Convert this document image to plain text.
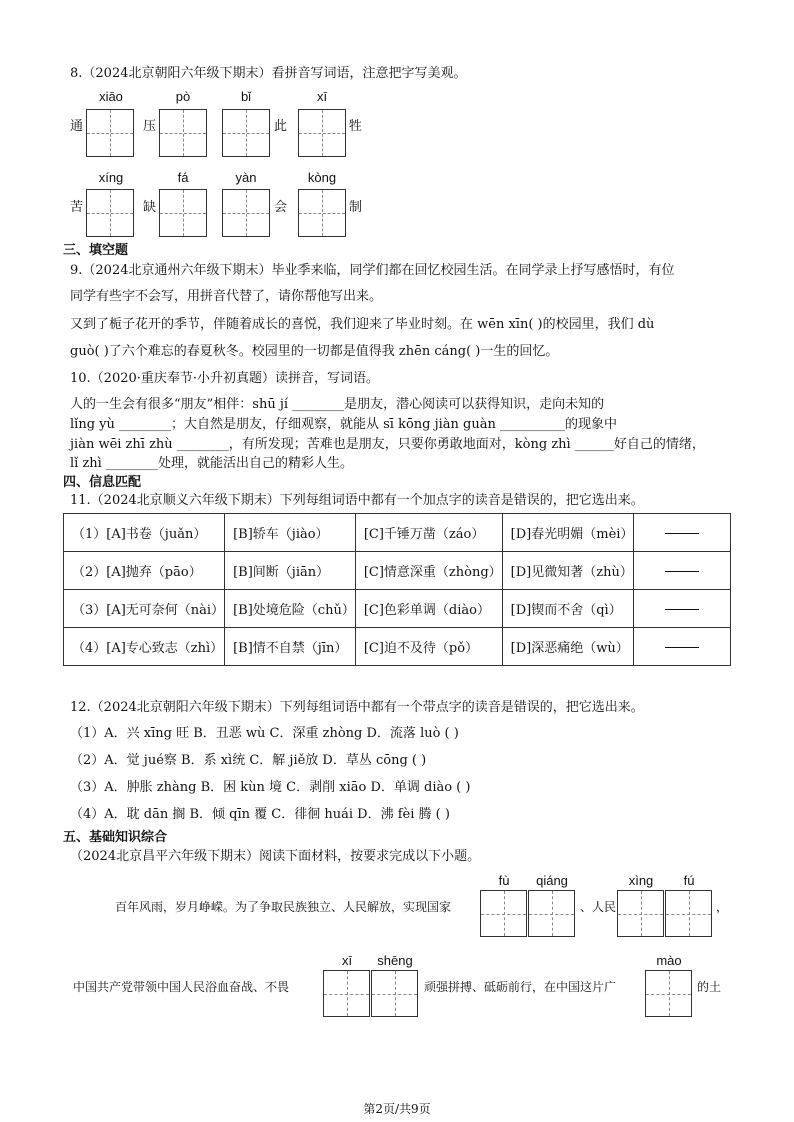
8.（2024北京朝阳六年级下期末）看拼音写词语，注意把字写美观。
xiāo
通
pò
压
bǐ
此
xī
牲
xíng
苦
fá
缺
yàn
会
kòng
制
三、填空题
9.（2024北京通州六年级下期末）毕业季来临，同学们都在回忆校园生活。在同学录上抒写感悟时，有位
同学有些字不会写，用拼音代替了，请你帮他写出来。
又到了栀子花开的季节，伴随着成长的喜悦，我们迎来了毕业时刻。在 wēn xīn( )的校园里，我们 dù
guò( )了六个难忘的春夏秋冬。校园里的一切都是值得我 zhēn cáng( )一生的回忆。
10.（2020·重庆奉节·小升初真题）读拼音，写词语。
人的一生会有很多“朋友”相伴：shū jí ________是朋友，潜心阅读可以获得知识，走向未知的
lǐng yù ________；大自然是朋友，仔细观察，就能从 sī kōng jiàn guàn __________的现象中
jiàn wēi zhī zhù ________，有所发现；苦难也是朋友，只要你勇敢地面对，kòng zhì ______好自己的情绪，
lǐ zhì ________处理，就能活出自己的精彩人生。
四、信息匹配
11.（2024北京顺义六年级下期末）下列每组词语中都有一个加点字的读音是错误的，把它选出来。
（1）[A]书卷（juǎn）	[B]轿车（jiào）	[C]千锤万凿（záo）	[D]春光明媚（mèi）	
（2）[A]抛弃（pāo）	[B]间断（jiān）	[C]情意深重（zhòng）	[D]见微知著（zhù）	
（3）[A]无可奈何（nài）	[B]处境危险（chǔ）	[C]色彩单调（diào）	[D]锲而不舍（qì）	
（4）[A]专心致志（zhì）	[B]情不自禁（jīn）	[C]迫不及待（pǒ）	[D]深恶痛绝（wù）	
12.（2024北京朝阳六年级下期末）下列每组词语中都有一个带点字的读音是错误的，把它选出来。
（1）A．兴 xīng 旺 B．丑恶 wù C．深重 zhòng D．流落 luò ( )
（2）A．觉 jué察 B．系 xì统 C．解 jiě放 D．草丛 cōng ( )
（3）A．肿胀 zhàng B．困 kùn 境 C．剥削 xiāo D．单调 diào ( )
（4）A．耽 dān 搁 B．倾 qīn 覆 C．徘徊 huái D．沸 fèi 腾 ( )
五、基础知识综合
（2024北京昌平六年级下期末）阅读下面材料，按要求完成以下小题。
fù	qiáng	xìng	fú
百年风雨，岁月峥嵘。为了争取民族独立、人民解放，实现国家	、人民	，
xī	shēng	mào
中国共产党带领中国人民浴血奋战、不畏	顽强拼搏、砥砺前行，在中国这片广	的土
第2页/共9页
